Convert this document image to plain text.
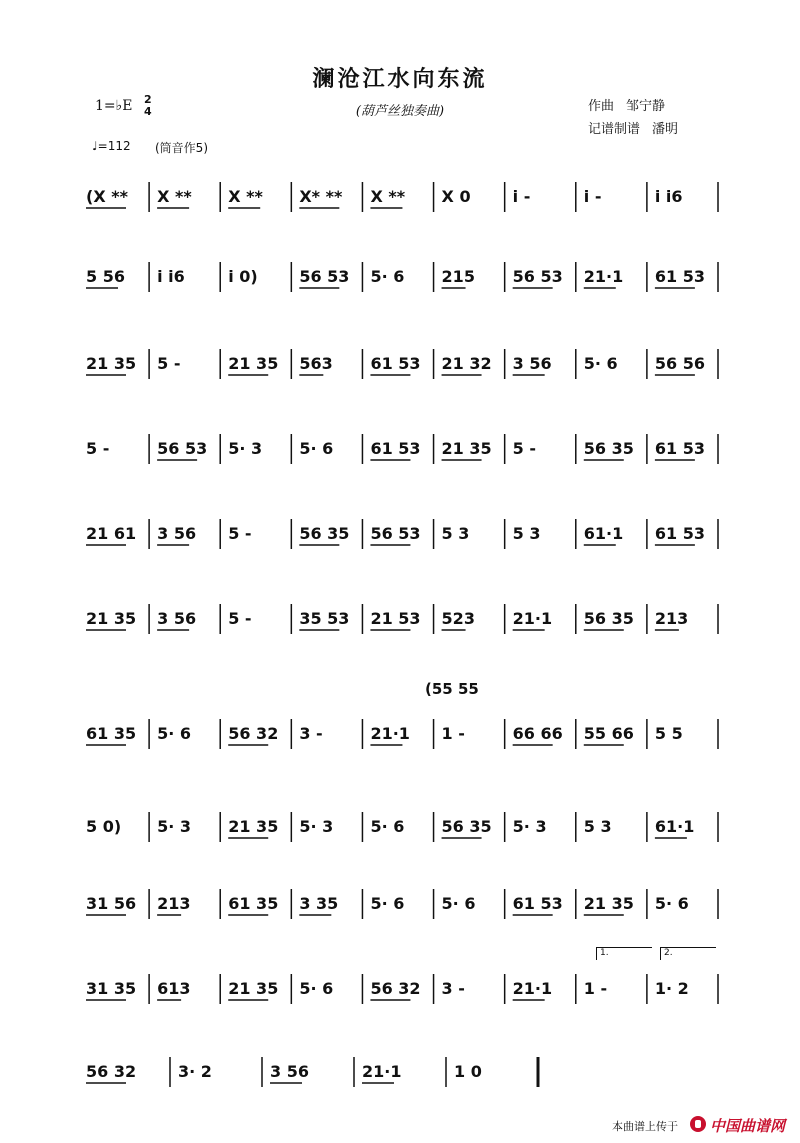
澜沧江水向东流
(葫芦丝独奏曲)
1=♭E 2
4
♩=112 (筒音作5)
作曲 邹宁静
记谱制谱 潘明
(X ** X ** X ** X* ** X ** X 0	i -	i -	i i6
5 56 i i6	i 0)	56 53 5· 6 215 56 53 21·1 61 53
21 35 5 -	21 35 563 61 53 21 32 3 56 5· 6 56 56
5 -	56 53 5· 3 5· 6 61 53 21 35 5 -	56 35 61 53
21 61 3 56 5 -	56 35 56 53 5 3	5 3	61·1 61 53
21 35 3 56 5 -	35 53 21 53 523 21·1 56 35 213
61 35 5· 6 56 32 3 -	21·1 1 -	66 66 55 66 5 5
5 0) 5· 3 21 35 5· 3 5· 6 56 35 5· 3 5 3	61·1
31 56 213 61 35 3 35 5· 6 5· 6 61 53 21 35 5· 6
31 35 613 21 35 5· 6 56 32 3 -	21·1 1 -	1· 2
56 32	3· 2	3 56	21·1	1 0
(55 55
1.	2.
本曲谱上传于 中国曲谱网
